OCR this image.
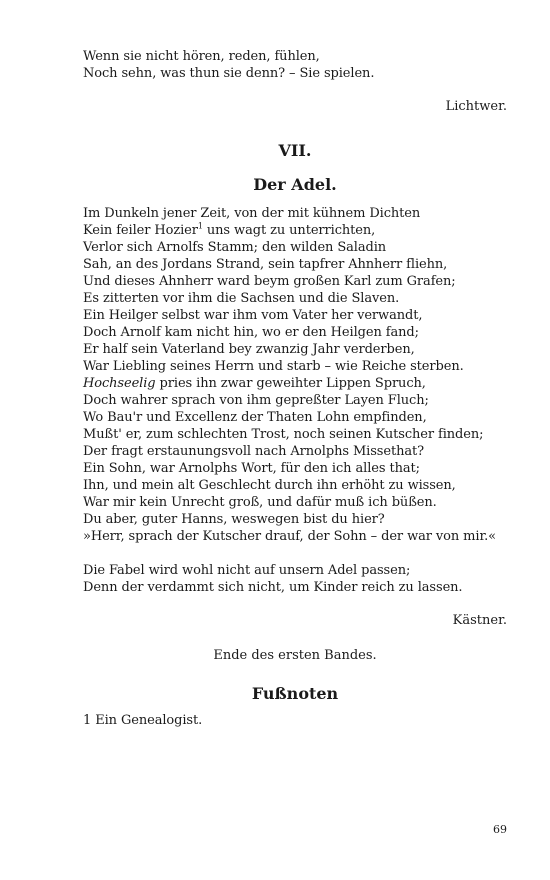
Wenn sie nicht hören, reden, fühlen,
Noch sehn, was thun sie denn? – Sie spielen.
Lichtwer.
VII.
Der Adel.
Im Dunkeln jener Zeit, von der mit kühnem Dichten
Kein feiler Hozier$^1$ uns wagt zu unterrichten,
Verlor sich Arnolfs Stamm; den wilden Saladin
Sah, an des Jordans Strand, sein tapfrer Ahnherr fliehn,
Und dieses Ahnherr ward beym großen Karl zum Grafen;
Es zitterten vor ihm die Sachsen und die Slaven.
Ein Heilger selbst war ihm vom Vater her verwandt,
Doch Arnolf kam nicht hin, wo er den Heilgen fand;
Er half sein Vaterland bey zwanzig Jahr verderben,
War Liebling seines Herrn und starb – wie Reiche sterben.
Hochseelig pries ihn zwar geweihter Lippen Spruch,
Doch wahrer sprach von ihm gepreßter Layen Fluch;
Wo Bau'r und Excellenz der Thaten Lohn empfinden,
Mußt' er, zum schlechten Trost, noch seinen Kutscher finden;
Der fragt erstaunungsvoll nach Arnolphs Missethat?
Ein Sohn, war Arnolphs Wort, für den ich alles that;
Ihn, und mein alt Geschlecht durch ihn erhöht zu wissen,
War mir kein Unrecht groß, und dafür muß ich büßen.
Du aber, guter Hanns, weswegen bist du hier?
»Herr, sprach der Kutscher drauf, der Sohn – der war von mir.«
Die Fabel wird wohl nicht auf unsern Adel passen;
Denn der verdammt sich nicht, um Kinder reich zu lassen.
Kästner.
Ende des ersten Bandes.
Fußnoten
1 Ein Genealogist.
69
